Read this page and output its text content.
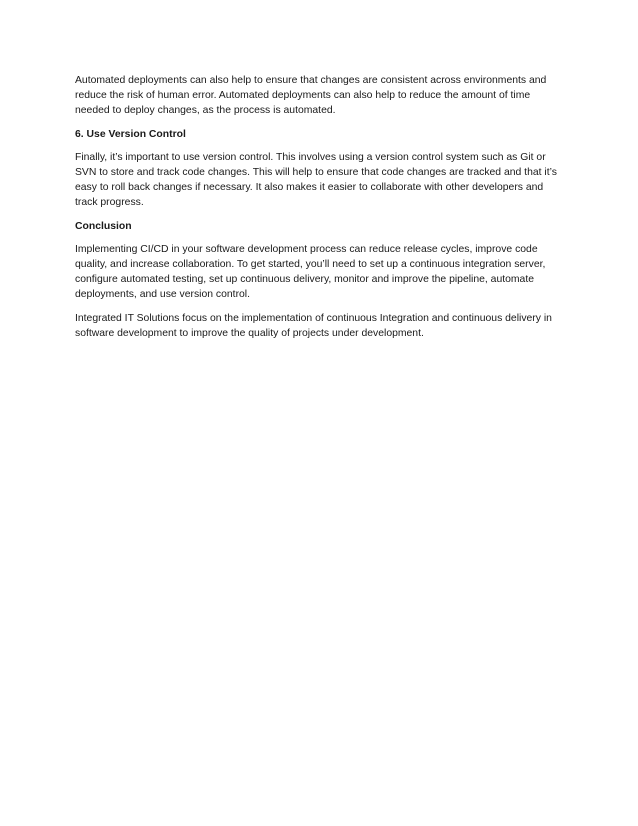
Automated deployments can also help to ensure that changes are consistent across environments and reduce the risk of human error. Automated deployments can also help to reduce the amount of time needed to deploy changes, as the process is automated.

6. Use Version Control

Finally, it’s important to use version control. This involves using a version control system such as Git or SVN to store and track code changes. This will help to ensure that code changes are tracked and that it’s easy to roll back changes if necessary. It also makes it easier to collaborate with other developers and track progress.

Conclusion

Implementing CI/CD in your software development process can reduce release cycles, improve code quality, and increase collaboration. To get started, you’ll need to set up a continuous integration server, configure automated testing, set up continuous delivery, monitor and improve the pipeline, automate deployments, and use version control.

Integrated IT Solutions focus on the implementation of continuous Integration and continuous delivery in software development to improve the quality of projects under development.
